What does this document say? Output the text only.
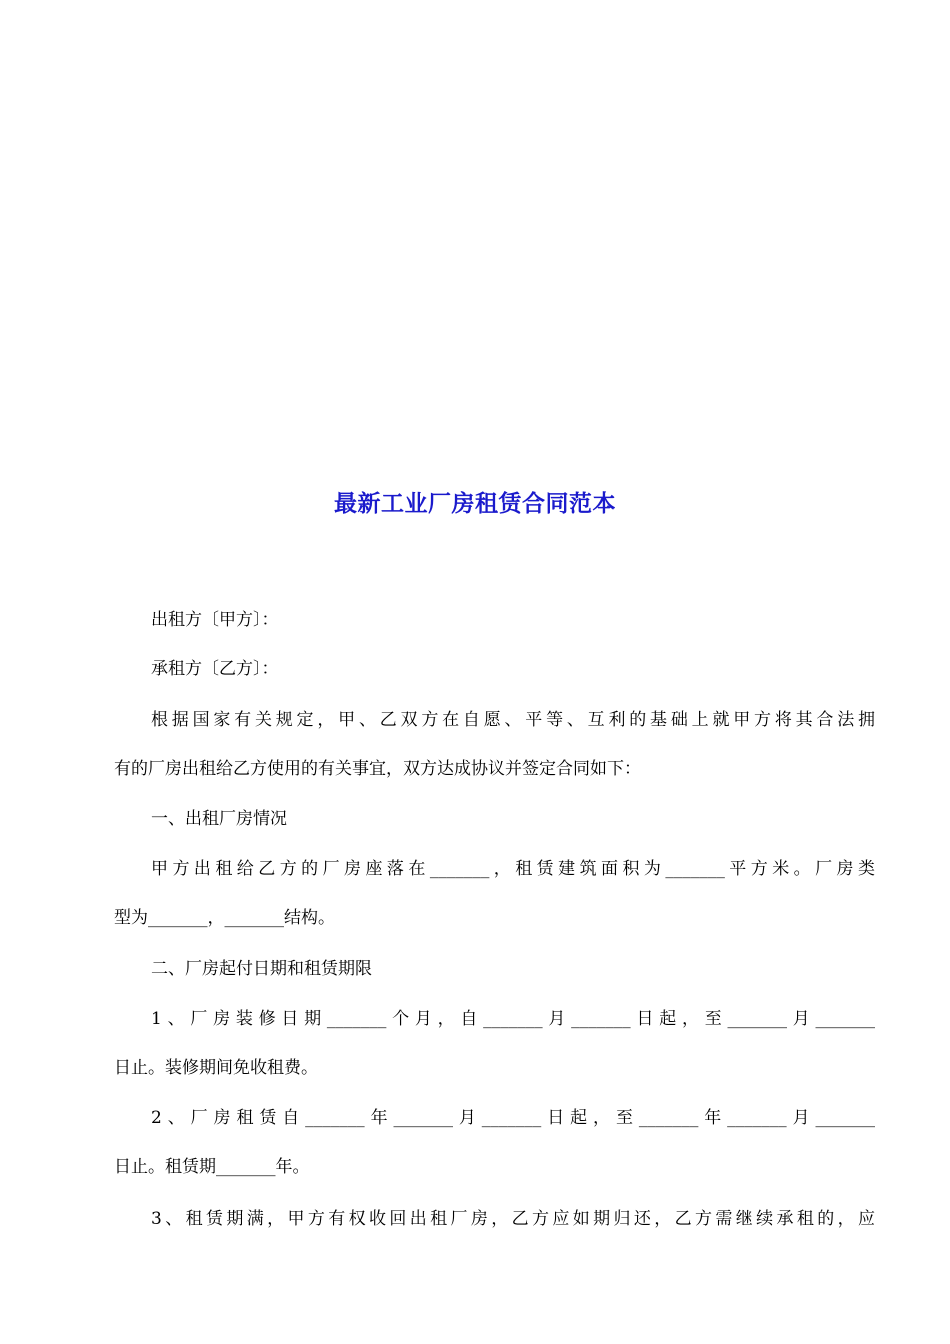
最新工业厂房租赁合同范本
出租方〔甲方〕：
承租方〔乙方〕：
根据国家有关规定，甲、乙双方在自愿、平等、互利的基础上就甲方将其合法拥
有的厂房出租给乙方使用的有关事宜，双方达成协议并签定合同如下：
一、出租厂房情况
甲方出租给乙方的厂房座落在_______，租赁建筑面积为_______平方米。厂房类
型为_______，_______结构。
二、厂房起付日期和租赁期限
1、厂房装修日期_______个月，自_______月_______日起，至_______月_______
日止。装修期间免收租费。
2、厂房租赁自_______年_______月_______日起，至_______年_______月_______
日止。租赁期_______年。
3、租赁期满，甲方有权收回出租厂房，乙方应如期归还，乙方需继续承租的，应
